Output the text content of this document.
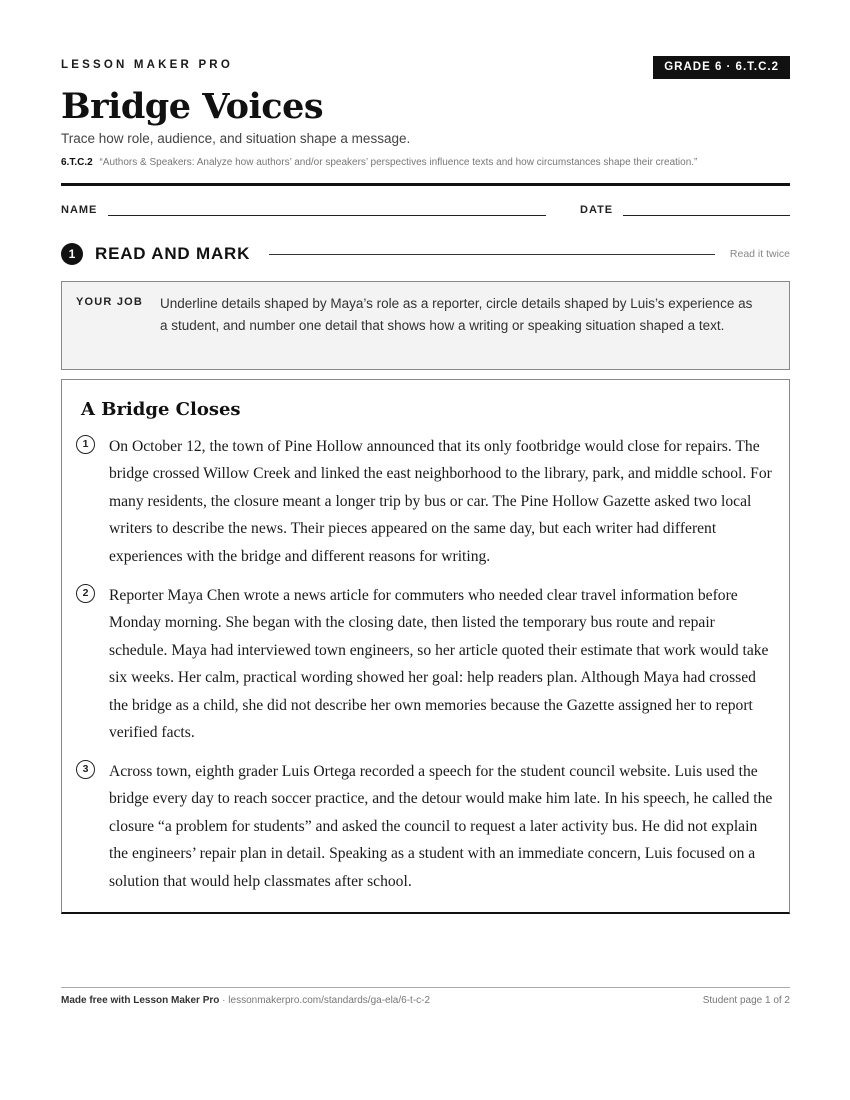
LESSON MAKER PRO	GRADE 6 · 6.T.C.2
Bridge Voices
Trace how role, audience, and situation shape a message.
6.T.C.2 “Authors & Speakers: Analyze how authors’ and/or speakers’ perspectives influence texts and how circumstances shape their creation.”
NAME	DATE
1	READ AND MARK	Read it twice
YOUR JOB Underline details shaped by Maya’s role as a reporter, circle details shaped by Luis’s experience as a student, and number one detail that shows how a writing or speaking situation shaped a text.
A Bridge Closes
1	On October 12, the town of Pine Hollow announced that its only footbridge would close for repairs. The bridge crossed Willow Creek and linked the east neighborhood to the library, park, and middle school. For many residents, the closure meant a longer trip by bus or car. The Pine Hollow Gazette asked two local writers to describe the news. Their pieces appeared on the same day, but each writer had different experiences with the bridge and different reasons for writing.

2	Reporter Maya Chen wrote a news article for commuters who needed clear travel information before Monday morning. She began with the closing date, then listed the temporary bus route and repair schedule. Maya had interviewed town engineers, so her article quoted their estimate that work would take six weeks. Her calm, practical wording showed her goal: help readers plan. Although Maya had crossed the bridge as a child, she did not describe her own memories because the Gazette assigned her to report verified facts.

3	Across town, eighth grader Luis Ortega recorded a speech for the student council website. Luis used the bridge every day to reach soccer practice, and the detour would make him late. In his speech, he called the closure “a problem for students” and asked the council to request a later activity bus. He did not explain the engineers’ repair plan in detail. Speaking as a student with an immediate concern, Luis focused on a solution that would help classmates after school.

Made free with Lesson Maker Pro · lessonmakerpro.com/standards/ga-ela/6-t-c-2	Student page 1 of 2
